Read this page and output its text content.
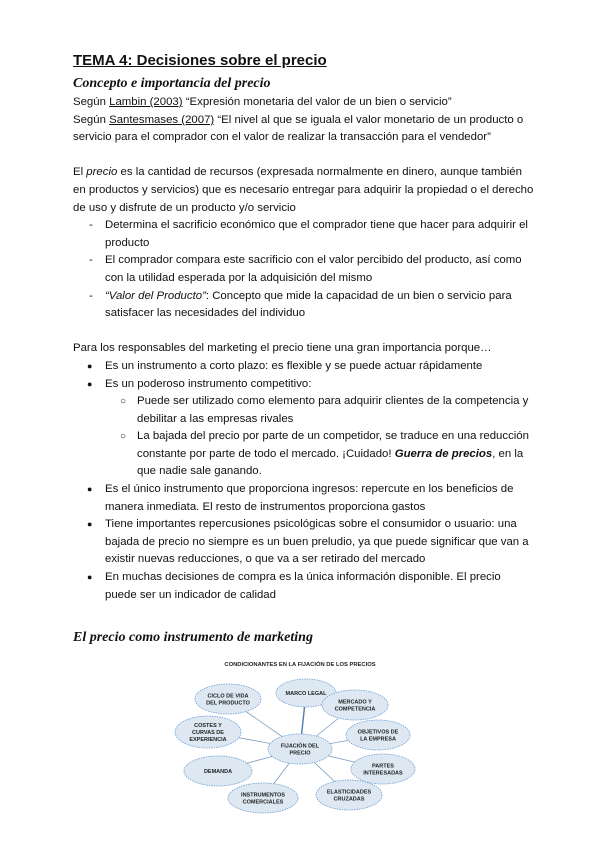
TEMA 4: Decisiones sobre el precio
Concepto e importancia del precio

Según Lambin (2003) “Expresión monetaria del valor de un bien o servicio”

Según Santesmases (2007) “El nivel al que se iguala el valor monetario de un producto o servicio para el comprador con el valor de realizar la transacción para el vendedor”

El precio es la cantidad de recursos (expresada normalmente en dinero, aunque también en productos y servicios) que es necesario entregar para adquirir la propiedad o el derecho de uso y disfrute de un producto y/o servicio

- Determina el sacrificio económico que el comprador tiene que hacer para adquirir el producto
- El comprador compara este sacrificio con el valor percibido del producto, así como con la utilidad esperada por la adquisición del mismo
- “Valor del Producto”: Concepto que mide la capacidad de un bien o servicio para satisfacer las necesidades del individuo

Para los responsables del marketing el precio tiene una gran importancia porque…

● Es un instrumento a corto plazo: es flexible y se puede actuar rápidamente
● Es un poderoso instrumento competitivo:
○ Puede ser utilizado como elemento para adquirir clientes de la competencia y debilitar a las empresas rivales
○ La bajada del precio por parte de un competidor, se traduce en una reducción constante por parte de todo el mercado. ¡Cuidado! Guerra de precios, en la que nadie sale ganando.
● Es el único instrumento que proporciona ingresos: repercute en los beneficios de manera inmediata. El resto de instrumentos proporciona gastos
● Tiene importantes repercusiones psicológicas sobre el consumidor o usuario: una bajada de precio no siempre es un buen preludio, ya que puede significar que van a existir nuevas reducciones, o que va a ser retirado del mercado
● En muchas decisiones de compra es la única información disponible. El precio puede ser un indicador de calidad
El precio como instrumento de marketing
CONDICIONANTES EN LA FIJACIÓN DE LOS PRECIOS
FIJACIÓN DEL
PRECIO
CICLO DE VIDA
DEL PRODUCTO
MARCO LEGAL
MERCADO Y
COMPETENCIA
COSTES Y
CURVAS DE
EXPERIENCIA
OBJETIVOS DE
LA EMPRESA
DEMANDA
PARTES
INTERESADAS
INSTRUMENTOS
COMERCIALES
ELASTICIDADES
CRUZADAS
